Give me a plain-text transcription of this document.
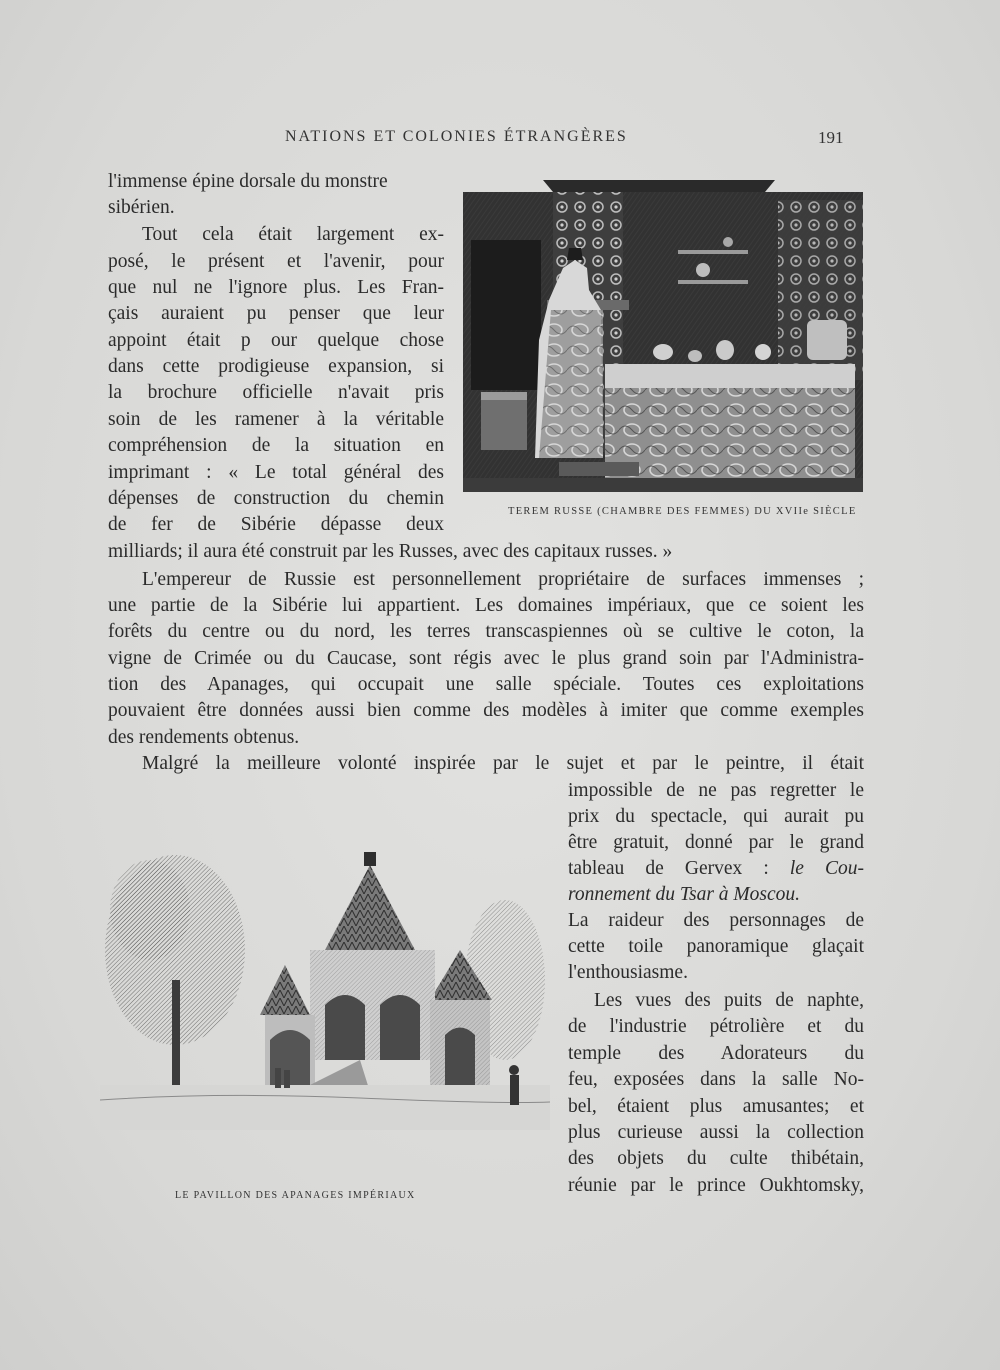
NATIONS ET COLONIES ÉTRANGÈRES	191
TEREM RUSSE (CHAMBRE DES FEMMES) DU XVIIe SIÈCLE
l'immense épine dorsale du monstre
sibérien.
Tout cela était largement ex-
posé, le présent et l'avenir, pour
que nul ne l'ignore plus. Les Fran-
çais auraient pu penser que leur
appoint était p our quelque chose
dans cette prodigieuse expansion, si
la brochure officielle n'avait pris
soin de les ramener à la véritable
compréhension de la situation en
imprimant : « Le total général des
dépenses de construction du chemin
de fer de Sibérie dépasse deux
milliards; il aura été construit par les Russes, avec des capitaux russes. »
L'empereur de Russie est personnellement propriétaire de surfaces immenses ;
une partie de la Sibérie lui appartient. Les domaines impériaux, que ce soient les
forêts du centre ou du nord, les terres transcaspiennes où se cultive le coton, la
vigne de Crimée ou du Caucase, sont régis avec le plus grand soin par l'Administra-
tion des Apanages, qui occupait une salle spéciale. Toutes ces exploitations
pouvaient être données aussi bien comme des modèles à imiter que comme exemples
des rendements obtenus.
Malgré la meilleure volonté inspirée par le sujet et par le peintre, il était
LE PAVILLON DES APANAGES IMPÉRIAUX
impossible de ne pas regretter le
prix du spectacle, qui aurait pu
être gratuit, donné par le grand
tableau de Gervex : le Cou-
ronnement du Tsar à Moscou.
La raideur des personnages de
cette toile panoramique glaçait
l'enthousiasme.
Les vues des puits de naphte,
de l'industrie pétrolière et du
temple des Adorateurs du
feu, exposées dans la salle No-
bel, étaient plus amusantes; et
plus curieuse aussi la collection
des objets du culte thibétain,
réunie par le prince Oukhtomsky,
